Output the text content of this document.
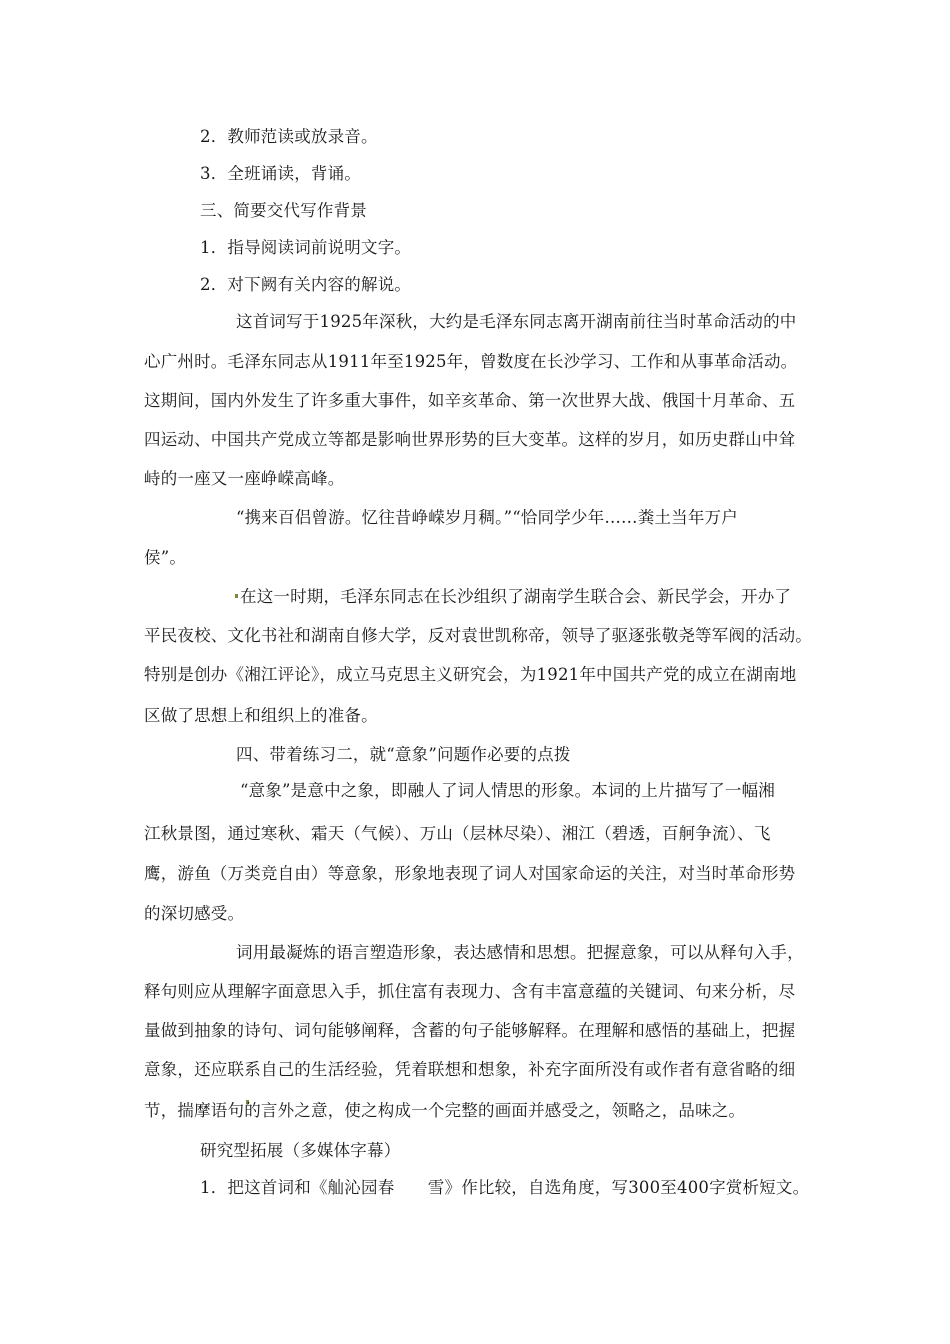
2．教师范读或放录音。
3．全班诵读，背诵。
三、简要交代写作背景
1．指导阅读词前说明文字。
2．对下阙有关内容的解说。
这首词写于1925年深秋，大约是毛泽东同志离开湖南前往当时革命活动的中
心广州时。毛泽东同志从1911年至1925年，曾数度在长沙学习、工作和从事革命活动。
这期间，国内外发生了许多重大事件，如辛亥革命、第一次世界大战、俄国十月革命、五
四运动、中国共产党成立等都是影响世界形势的巨大变革。这样的岁月，如历史群山中耸
峙的一座又一座峥嵘高峰。
“携来百侣曾游。忆往昔峥嵘岁月稠。”“恰同学少年……粪土当年万户
侯”。
在这一时期，毛泽东同志在长沙组织了湖南学生联合会、新民学会，开办了
平民夜校、文化书社和湖南自修大学，反对袁世凯称帝，领导了驱逐张敬尧等军阀的活动。
特别是创办《湘江评论》，成立马克思主义研究会，为1921年中国共产党的成立在湖南地
区做了思想上和组织上的准备。
四、带着练习二，就“意象”问题作必要的点拨
“意象”是意中之象，即融人了词人情思的形象。本词的上片描写了一幅湘
江秋景图，通过寒秋、霜天（气候）、万山（层林尽染）、湘江（碧透，百舸争流）、飞
鹰，游鱼（万类竞自由）等意象，形象地表现了词人对国家命运的关注，对当时革命形势
的深切感受。
词用最凝炼的语言塑造形象，表达感情和思想。把握意象，可以从释句入手，
释句则应从理解字面意思入手，抓住富有表现力、含有丰富意蕴的关键词、句来分析，尽
量做到抽象的诗句、词句能够阐释，含蓄的句子能够解释。在理解和感悟的基础上，把握
意象，还应联系自己的生活经验，凭着联想和想象，补充字面所没有或作者有意省略的细
节，揣摩语句的言外之意，使之构成一个完整的画面并感受之，领略之，品味之。
研究型拓展（多媒体字幕）
1．把这首词和《舢沁园春　　雪》作比较，自选角度，写300至400字赏析短文。
